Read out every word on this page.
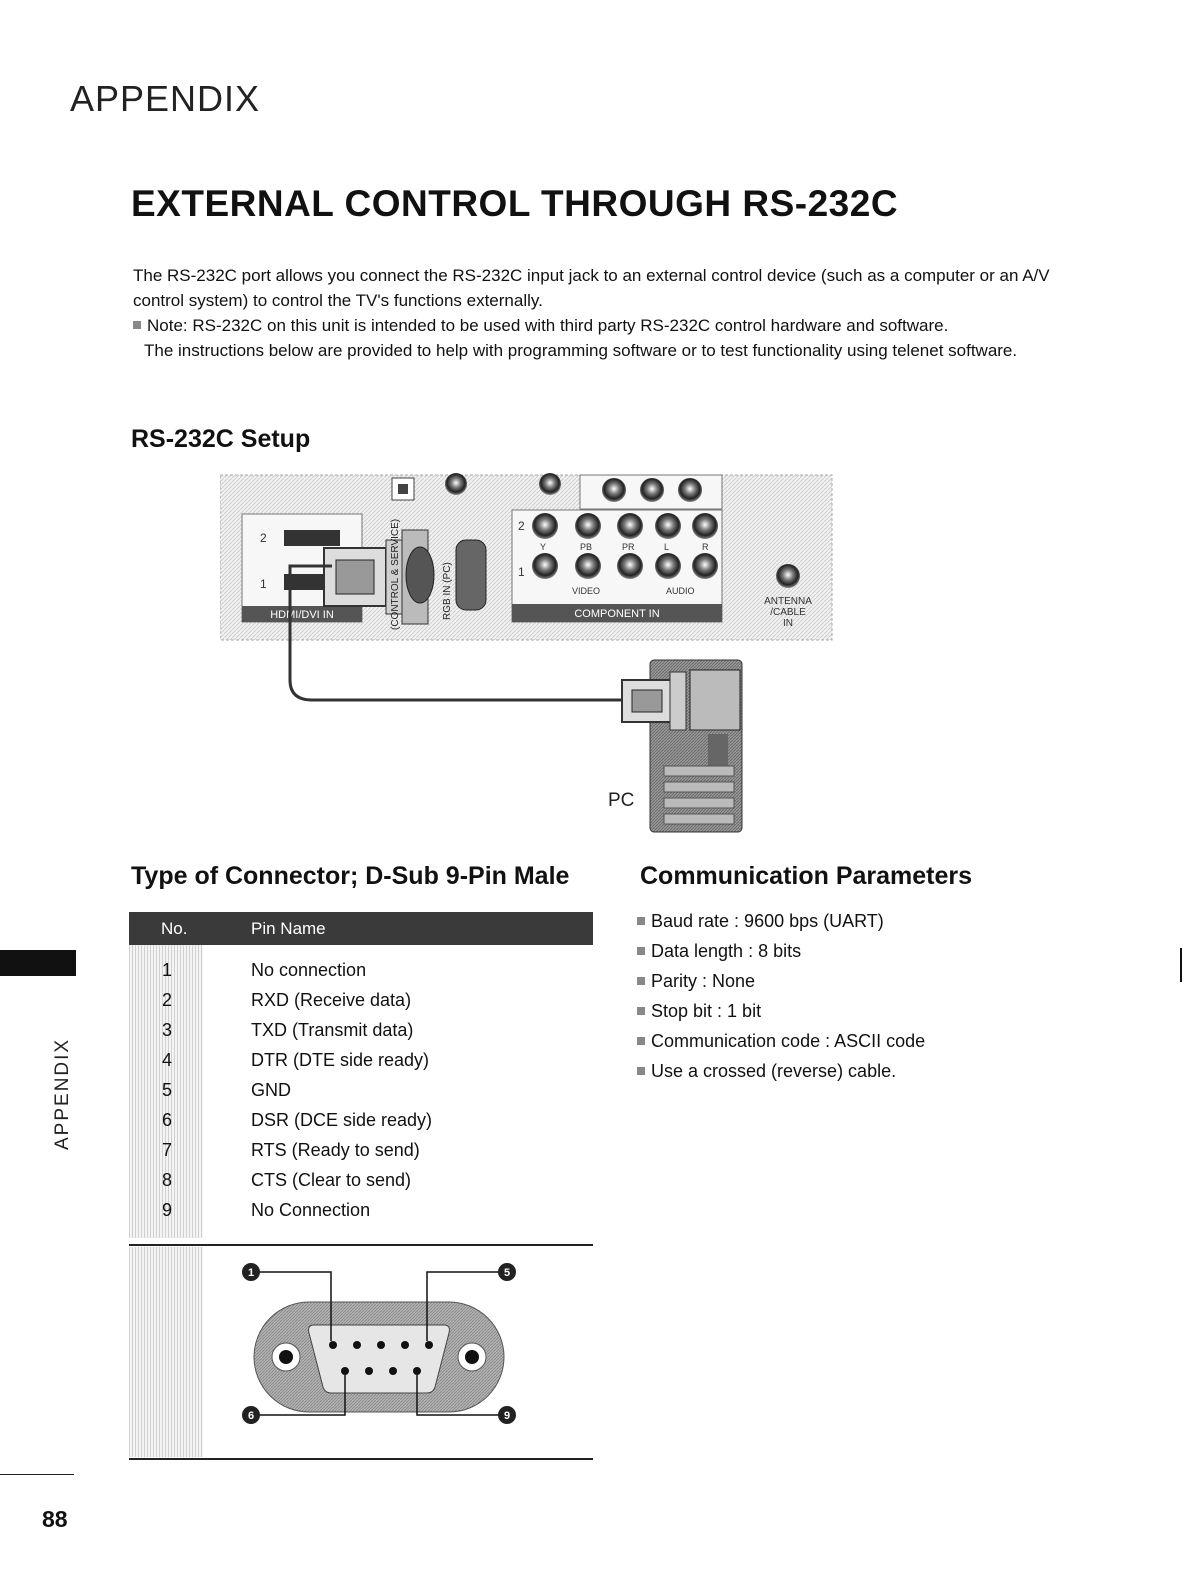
APPENDIX
EXTERNAL CONTROL THROUGH RS-232C

The RS-232C port allows you connect the RS-232C input jack to an external control device (such as a computer or an A/V control system) to control the TV's functions externally.

Note: RS-232C on this unit is intended to be used with third party RS-232C control hardware and software.
The instructions below are provided to help with programming software or to test functionality using telenet software.

RS-232C Setup
HDMI/DVI IN
2
1	(CONTROL & SERVICE)	RGB IN (PC)	COMPONENT IN
2
1
Y	PB	PR	L	R
VIDEO	AUDIO
ANTENNA
/CABLE
IN
PC
Type of Connector; D-Sub 9-Pin Male	Communication Parameters
No.	Pin Name
1	No connection
2	RXD (Receive data)
3	TXD (Transmit data)
4	DTR (DTE side ready)
5	GND
6	DSR (DCE side ready)
7	RTS (Ready to send)
8	CTS (Clear to send)
9	No Connection
1	5
6	9
Baud rate : 9600 bps (UART)
Data length : 8 bits
Parity : None
Stop bit : 1 bit
Communication code : ASCII code
Use a crossed (reverse) cable.
APPENDIX
88
